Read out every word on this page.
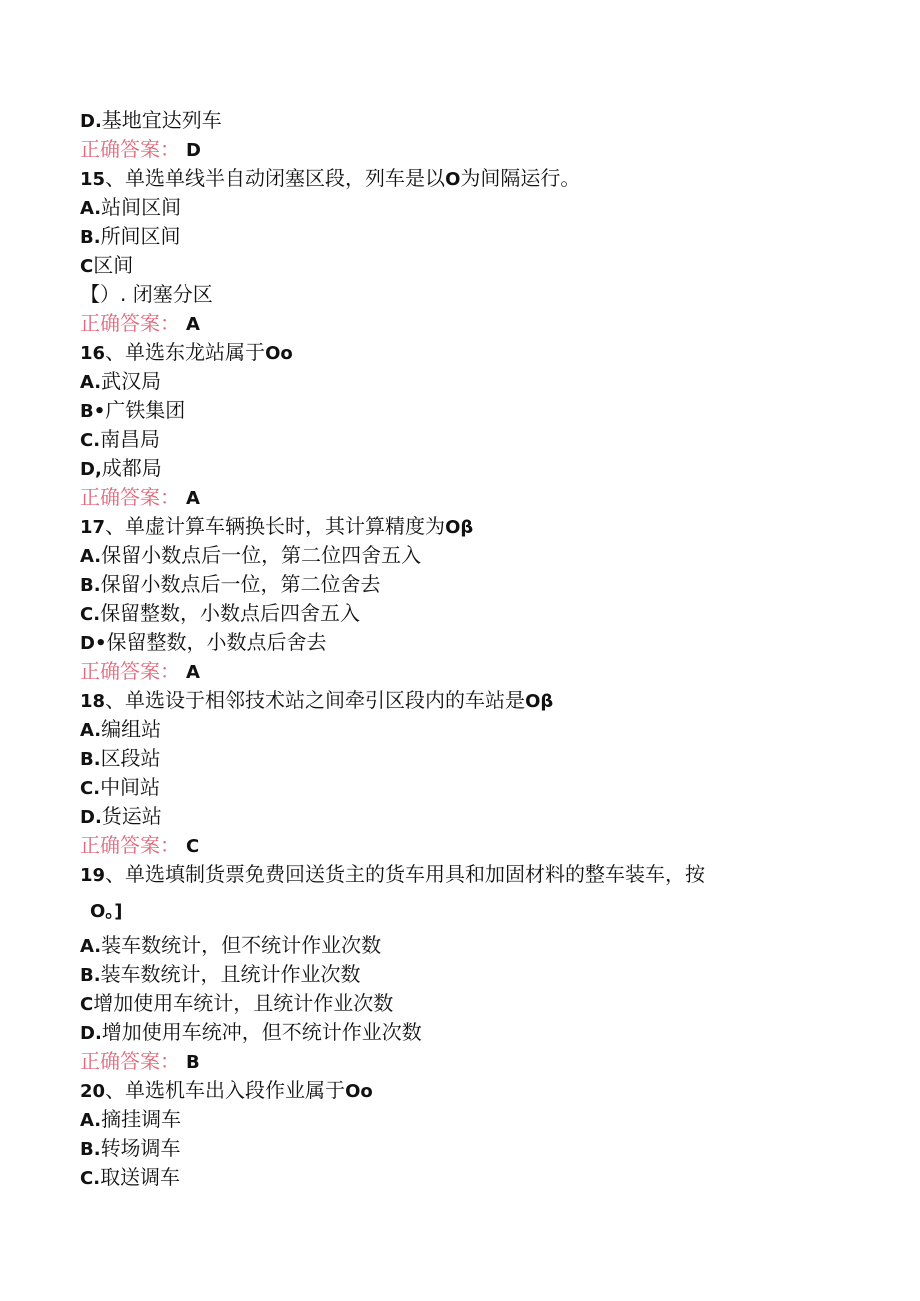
D.基地宜达列车
正确答案： D
15、单选单线半自动闭塞区段，列车是以O为间隔运行。
A.站间区间
B.所间区间
C区间
【）. 闭塞分区
正确答案： A
16、单选东龙站属于Oo
A.武汉局
B•广铁集团
C.南昌局
D,成都局
正确答案： A
17、单虚计算车辆换长时，其计算精度为Oβ
A.保留小数点后一位，第二位四舍五入
B.保留小数点后一位，第二位舍去
C.保留整数，小数点后四舍五入
D•保留整数，小数点后舍去
正确答案： A
18、单选设于相邻技术站之间牵引区段内的车站是Oβ
A.编组站
B.区段站
C.中间站
D.货运站
正确答案： C
19、单选填制货票免费回送货主的货车用具和加固材料的整车装车，按
O。]
A.装车数统计，但不统计作业次数
B.装车数统计，且统计作业次数
C增加使用车统计，且统计作业次数
D.增加使用车统冲，但不统计作业次数
正确答案： B
20、单选机车出入段作业属于Oo
A.摘挂调车
B.转场调车
C.取送调车
